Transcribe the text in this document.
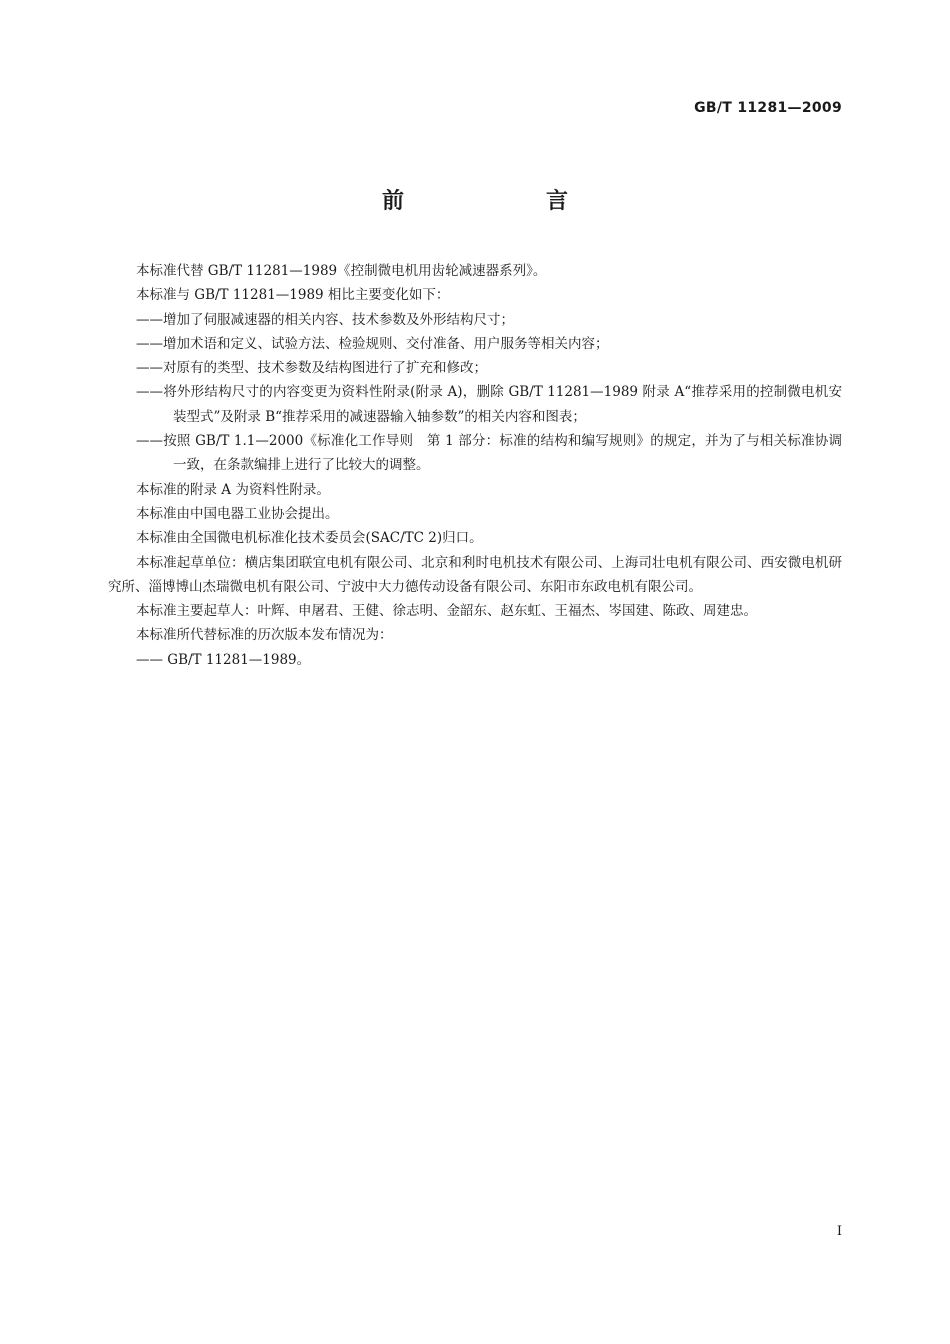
GB/T 11281—2009
前　言

本标准代替 GB/T 11281—1989《控制微电机用齿轮减速器系列》。

本标准与 GB/T 11281—1989 相比主要变化如下：

——增加了伺服减速器的相关内容、技术参数及外形结构尺寸；

——增加术语和定义、试验方法、检验规则、交付准备、用户服务等相关内容；

——对原有的类型、技术参数及结构图进行了扩充和修改；

——将外形结构尺寸的内容变更为资料性附录(附录 A)，删除 GB/T 11281—1989 附录 A“推荐采用的控制微电机安装型式”及附录 B“推荐采用的减速器输入轴参数”的相关内容和图表；

——按照 GB/T 1.1—2000《标准化工作导则　第 1 部分：标准的结构和编写规则》的规定，并为了与相关标准协调一致，在条款编排上进行了比较大的调整。

本标准的附录 A 为资料性附录。

本标准由中国电器工业协会提出。

本标准由全国微电机标准化技术委员会(SAC/TC 2)归口。

本标准起草单位：横店集团联宜电机有限公司、北京和利时电机技术有限公司、上海司壮电机有限公司、西安微电机研究所、淄博博山杰瑞微电机有限公司、宁波中大力德传动设备有限公司、东阳市东政电机有限公司。

本标准主要起草人：叶辉、申屠君、王健、徐志明、金韶东、赵东虹、王福杰、岑国建、陈政、周建忠。

本标准所代替标准的历次版本发布情况为：

—— GB/T 11281—1989。

I
